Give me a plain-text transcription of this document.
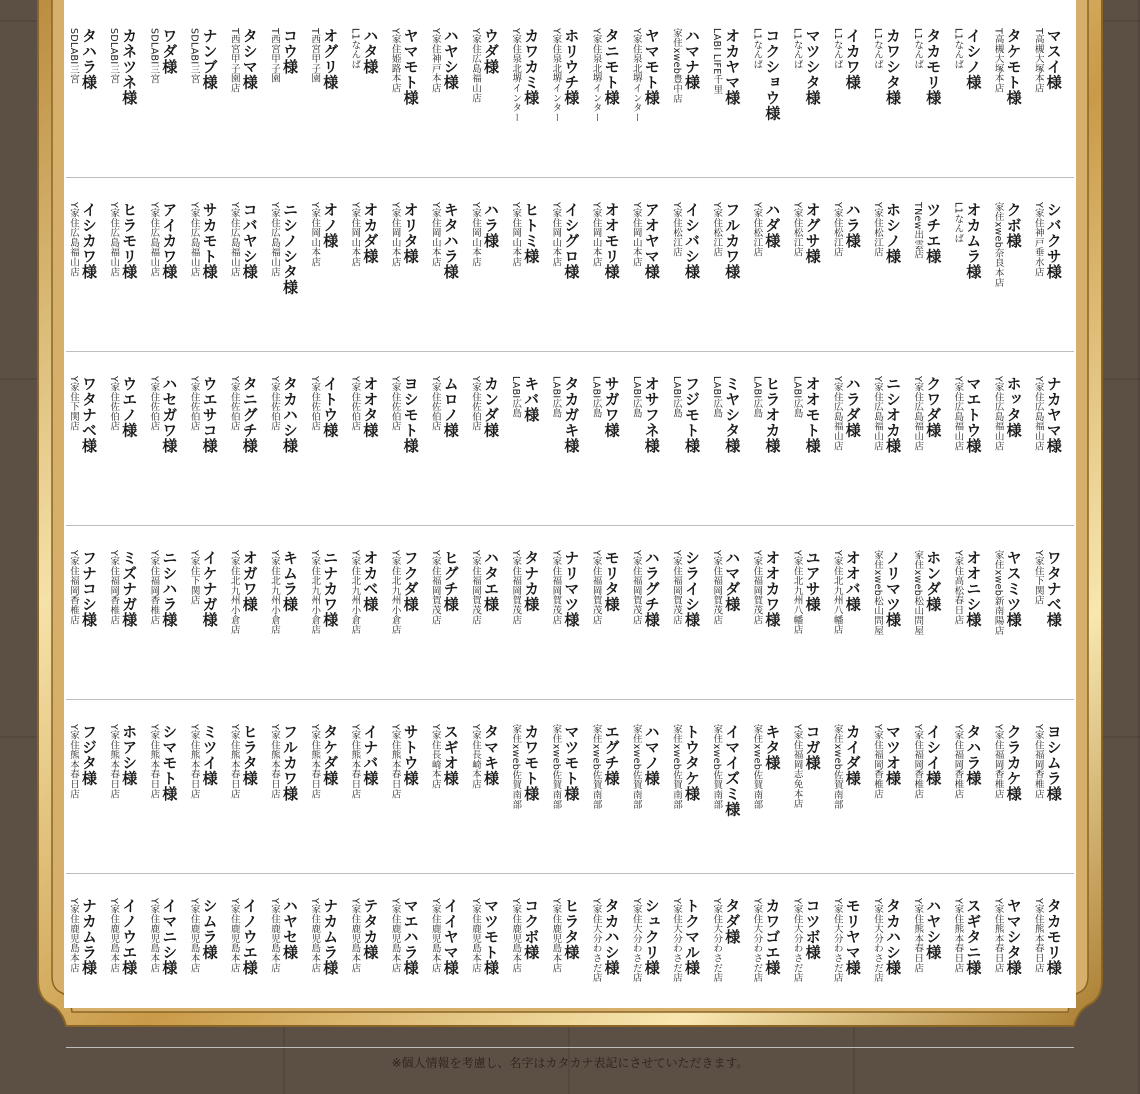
マスイ様
T高槻大塚本店
タケモト様
T高槻大塚本店
イシノ様
L1なんば
タカモリ様
L1なんば
カワシタ様
L1なんば
イカワ様
L1なんば
マツシタ様
L1なんば
コクショウ様
L1なんば
オカヤマ様
LABI LIFE千里
ハマナ様
家住xweb豊中店
ヤマモト様
Y家住泉北堺インター
タニモト様
Y家住泉北堺インター
ホリウチ様
Y家住泉北堺インター
カワカミ様
Y家住泉北堺インター
ウダ様
Y家住広島福山店
ハヤシ様
Y家住神戸本店
ヤマモト様
Y家住姫路本店
ハタ様
L1なんば
オグリ様
T西宮甲子園
コウ様
T西宮甲子園
タシマ様
T西宮甲子園店
ナンブ様
SDLABI三宮
ワダ様
SDLABI三宮
カネツネ様
SDLABI三宮
タハラ様
SDLABI三宮
シバクサ様
Y家住神戸垂水店
クボ様
家住xweb奈良本店
オカムラ様
L1なんば
ツチエ様
TNew出雲店
ホシノ様
Y家住松江店
ハラ様
Y家住松江店
オグサ様
Y家住松江店
ハダ様
Y家住松江店
フルカワ様
Y家住松江店
イシバシ様
Y家住松江店
アオヤマ様
Y家住岡山本店
オオモリ様
Y家住岡山本店
イシグロ様
Y家住岡山本店
ヒトミ様
Y家住岡山本店
ハラ様
Y家住岡山本店
キタハラ様
Y家住岡山本店
オリタ様
Y家住岡山本店
オカダ様
Y家住岡山本店
オノ様
Y家住岡山本店
ニシノシタ様
Y家住広島福山店
コバヤシ様
Y家住広島福山店
サカモト様
Y家住広島福山店
アイカワ様
Y家住広島福山店
ヒラモリ様
Y家住広島福山店
イシカワ様
Y家住広島福山店
ナカヤマ様
Y家住広島福山店
ホッタ様
Y家住広島福山店
マエトウ様
Y家住広島福山店
クワダ様
Y家住広島福山店
ニシオカ様
Y家住広島福山店
ハラダ様
Y家住広島福山店
オオモト様
LABI広島
ヒラオカ様
LABI広島
ミヤシタ様
LABI広島
フジモト様
LABI広島
オサフネ様
LABI広島
サガワ様
LABI広島
タカガキ様
LABI広島
キバ様
LABI広島
カンダ様
Y家住佐伯店
ムロノ様
Y家住佐伯店
ヨシモト様
Y家住佐伯店
オオタ様
Y家住佐伯店
イトウ様
Y家住佐伯店
タカハシ様
Y家住佐伯店
タニグチ様
Y家住佐伯店
ウエサコ様
Y家住佐伯店
ハセガワ様
Y家住佐伯店
ウエノ様
Y家住佐伯店
ワタナベ様
Y家住下関店
ワタナベ様
Y家住下関店
ヤスミツ様
家住xweb新南陽店
オオニシ様
Y家住高松春日店
ホンダ様
家住xweb松山問屋
ノリマツ様
家住xweb松山問屋
オオバ様
Y家住北九州八幡店
ユアサ様
Y家住北九州八幡店
オオカワ様
Y家住福岡賀茂店
ハマダ様
Y家住福岡賀茂店
シライシ様
Y家住福岡賀茂店
ハラグチ様
Y家住福岡賀茂店
モリタ様
Y家住福岡賀茂店
ナリマツ様
Y家住福岡賀茂店
タナカ様
Y家住福岡賀茂店
ハタエ様
Y家住福岡賀茂店
ヒグチ様
Y家住福岡賀茂店
フクダ様
Y家住北九州小倉店
オカベ様
Y家住北九州小倉店
ニナカワ様
Y家住北九州小倉店
キムラ様
Y家住北九州小倉店
オガワ様
Y家住北九州小倉店
イケナガ様
Y家住下関店
ニシハラ様
Y家住福岡香椎店
ミズナガ様
Y家住福岡香椎店
フナコシ様
Y家住福岡香椎店
ヨシムラ様
Y家住福岡香椎店
クラカケ様
Y家住福岡香椎店
タハラ様
Y家住福岡香椎店
イシイ様
Y家住福岡香椎店
マツオ様
Y家住福岡香椎店
カイダ様
家住xweb佐賀南部
コガ様
Y家住福岡志免本店
キタ様
家住xweb佐賀南部
イマイズミ様
家住xweb佐賀南部
トウタケ様
家住xweb佐賀南部
ハマノ様
家住xweb佐賀南部
エグチ様
家住xweb佐賀南部
マツモト様
家住xweb佐賀南部
カワモト様
家住xweb佐賀南部
タマキ様
Y家住長崎本店
スギオ様
Y家住長崎本店
サトウ様
Y家住熊本春日店
イナバ様
Y家住熊本春日店
タケダ様
Y家住熊本春日店
フルカワ様
Y家住熊本春日店
ヒラタ様
Y家住熊本春日店
ミツイ様
Y家住熊本春日店
シマモト様
Y家住熊本春日店
ホアシ様
Y家住熊本春日店
フジタ様
Y家住熊本春日店
タカモリ様
Y家住熊本春日店
ヤマシタ様
Y家住熊本春日店
スギタニ様
Y家住熊本春日店
ハヤシ様
Y家住熊本春日店
タカハシ様
Y家住大分わさだ店
モリヤマ様
Y家住大分わさだ店
コツボ様
Y家住大分わさだ店
カワゴエ様
Y家住大分わさだ店
タダ様
Y家住大分わさだ店
トクマル様
Y家住大分わさだ店
シュクリ様
Y家住大分わさだ店
タカハシ様
Y家住大分わさだ店
ヒラタ様
Y家住鹿児島本店
コクボ様
Y家住鹿児島本店
マツモト様
Y家住鹿児島本店
イイヤマ様
Y家住鹿児島本店
マエハラ様
Y家住鹿児島本店
テタカ様
Y家住鹿児島本店
ナカムラ様
Y家住鹿児島本店
ハヤセ様
Y家住鹿児島本店
イノウエ様
Y家住鹿児島本店
シムラ様
Y家住鹿児島本店
イマニシ様
Y家住鹿児島本店
イノウエ様
Y家住鹿児島本店
ナカムラ様
Y家住鹿児島本店
※個人情報を考慮し、名字はカタカナ表記にさせていただきます。
